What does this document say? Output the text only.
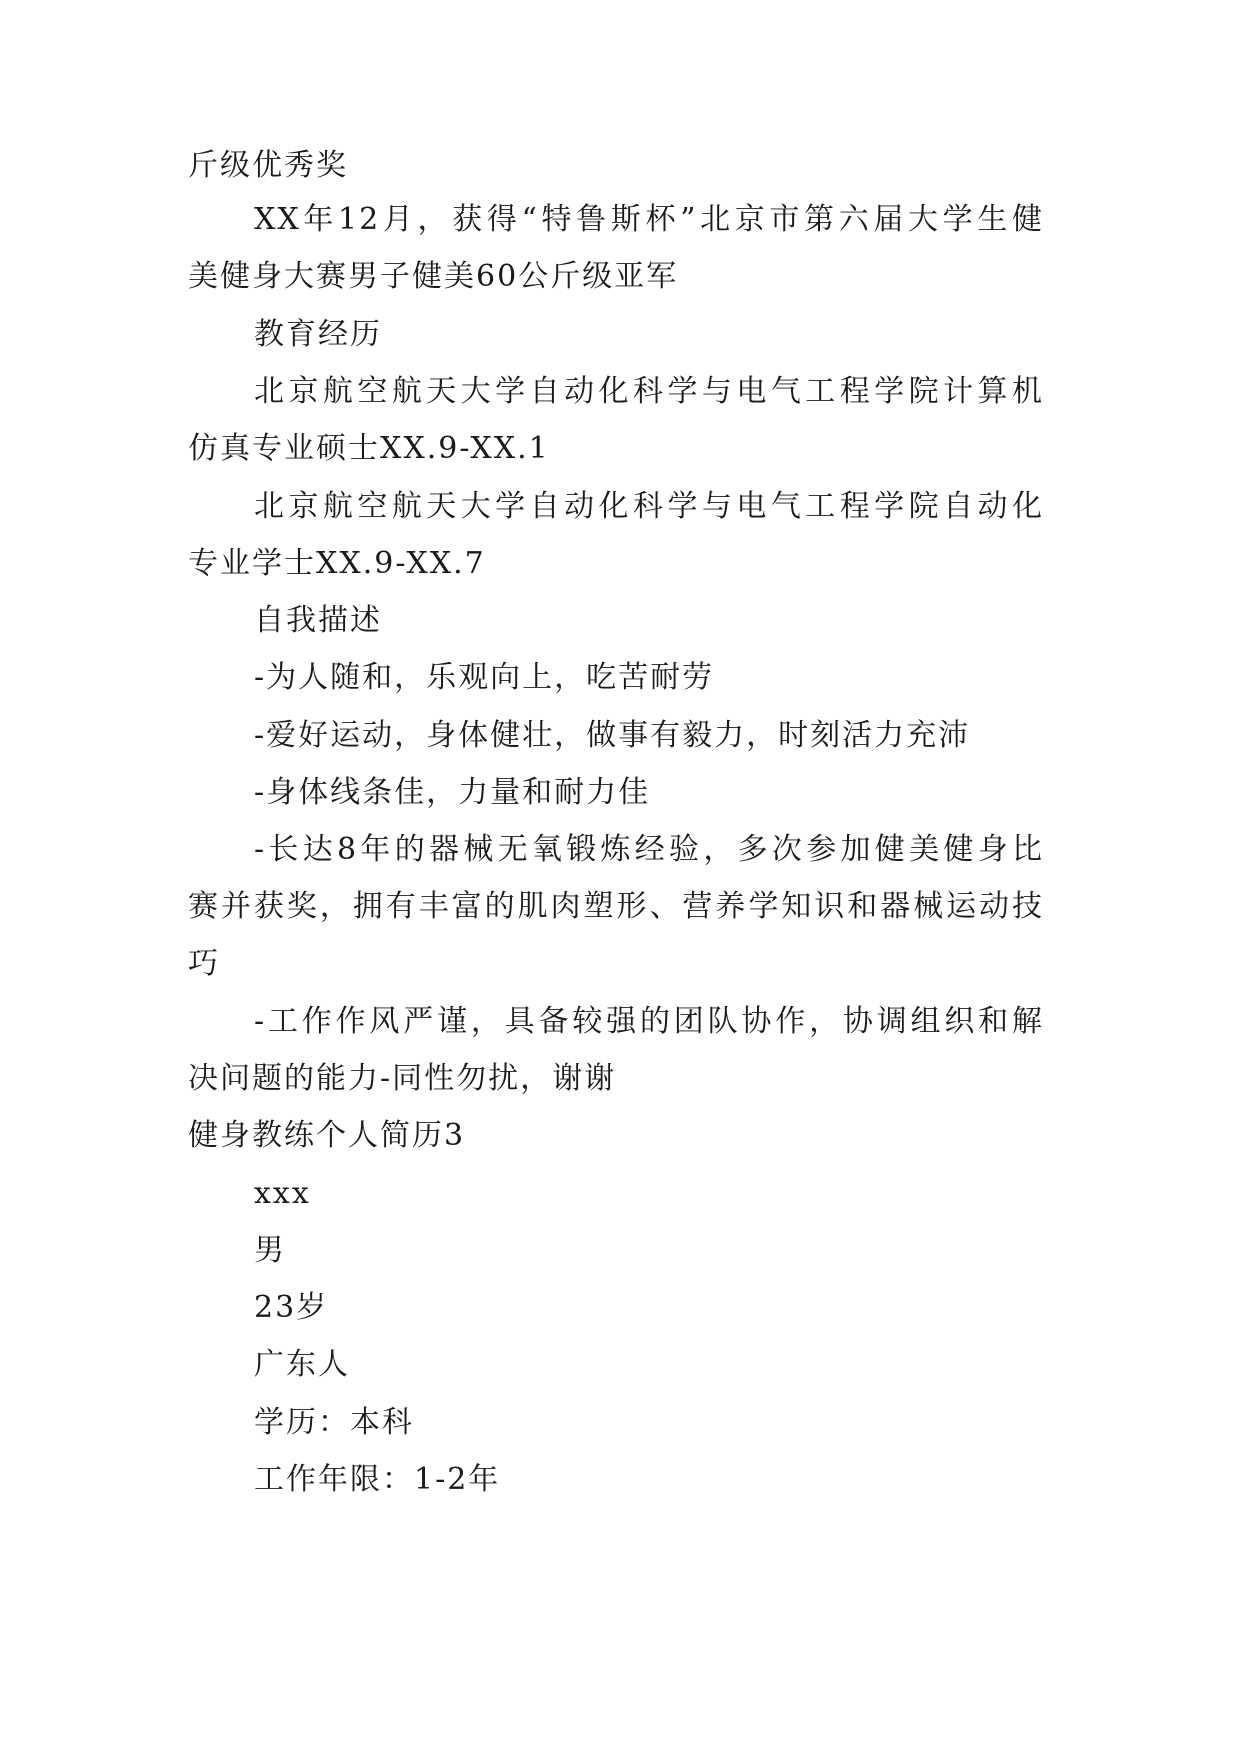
斤级优秀奖
XX年12月，获得“特鲁斯杯”北京市第六届大学生健
美健身大赛男子健美60公斤级亚军
教育经历
北京航空航天大学自动化科学与电气工程学院计算机
仿真专业硕士XX.9-XX.1
北京航空航天大学自动化科学与电气工程学院自动化
专业学士XX.9-XX.7
自我描述
-为人随和，乐观向上，吃苦耐劳
-爱好运动，身体健壮，做事有毅力，时刻活力充沛
-身体线条佳，力量和耐力佳
-长达8年的器械无氧锻炼经验，多次参加健美健身比
赛并获奖，拥有丰富的肌肉塑形、营养学知识和器械运动技
巧
-工作作风严谨，具备较强的团队协作，协调组织和解
决问题的能力-同性勿扰，谢谢
健身教练个人简历3
xxx
男
23岁
广东人
学历：本科
工作年限：1-2年
